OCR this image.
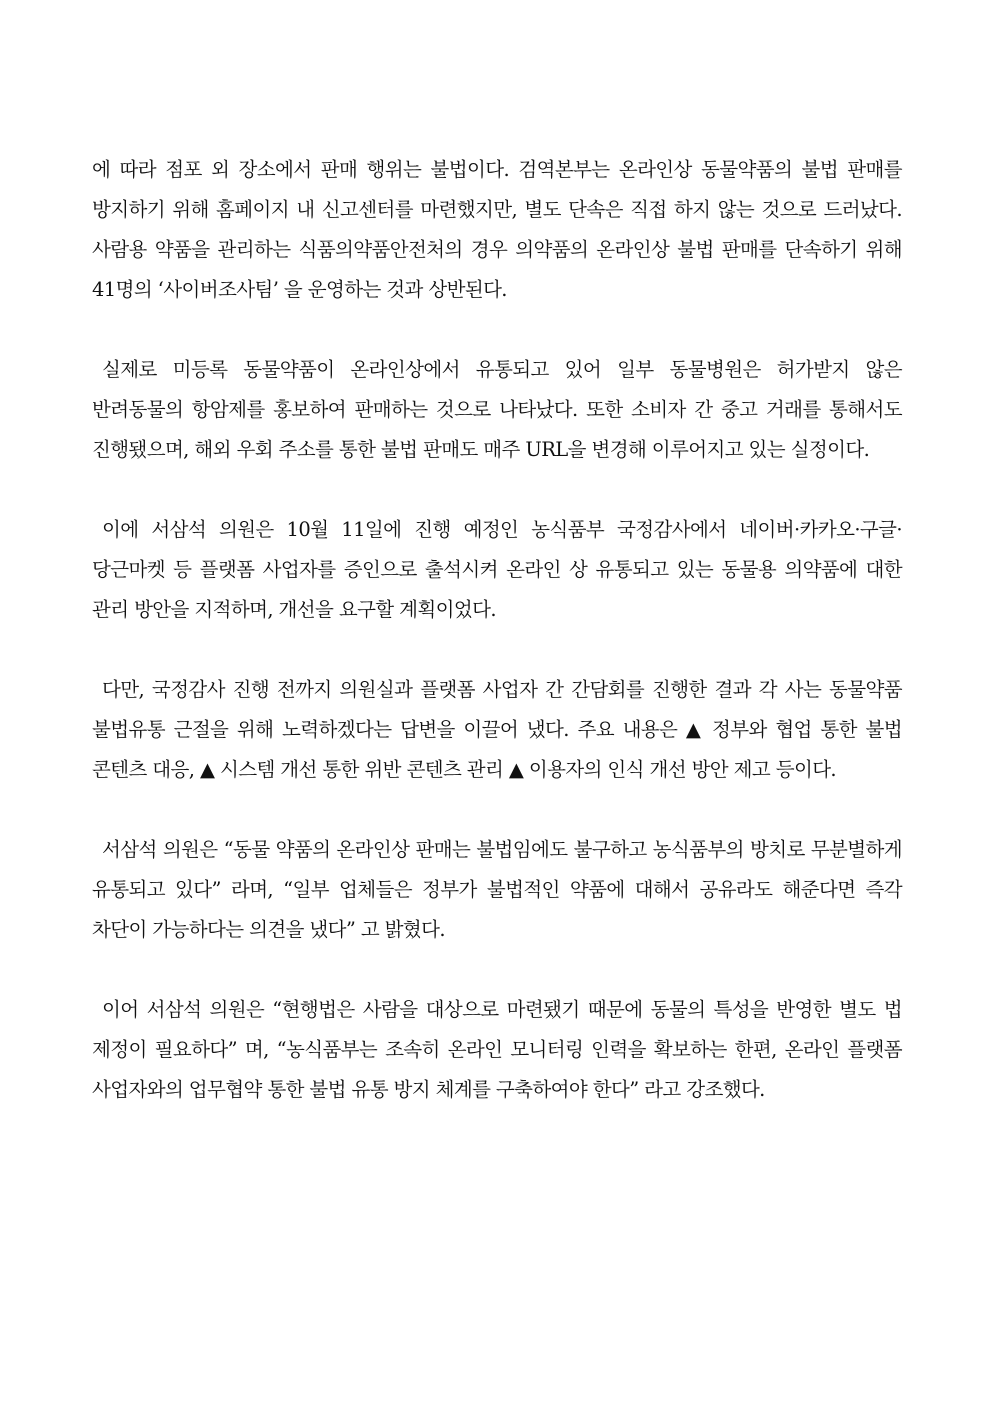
에 따라 점포 외 장소에서 판매 행위는 불법이다. 검역본부는 온라인상 동물약품의 불법 판매를 방지하기 위해 홈페이지 내 신고센터를 마련했지만, 별도 단속은 직접 하지 않는 것으로 드러났다. 사람용 약품을 관리하는 식품의약품안전처의 경우 의약품의 온라인상 불법 판매를 단속하기 위해 41명의 ‘사이버조사팀’ 을 운영하는 것과 상반된다.

실제로 미등록 동물약품이 온라인상에서 유통되고 있어 일부 동물병원은 허가받지 않은 반려동물의 항암제를 홍보하여 판매하는 것으로 나타났다. 또한 소비자 간 중고 거래를 통해서도 진행됐으며, 해외 우회 주소를 통한 불법 판매도 매주 URL을 변경해 이루어지고 있는 실정이다.

이에 서삼석 의원은 10월 11일에 진행 예정인 농식품부 국정감사에서 네이버·카카오·구글·당근마켓 등 플랫폼 사업자를 증인으로 출석시켜 온라인 상 유통되고 있는 동물용 의약품에 대한 관리 방안을 지적하며, 개선을 요구할 계획이었다.

다만, 국정감사 진행 전까지 의원실과 플랫폼 사업자 간 간담회를 진행한 결과 각 사는 동물약품 불법유통 근절을 위해 노력하겠다는 답변을 이끌어 냈다. 주요 내용은 ▲ 정부와 협업 통한 불법 콘텐츠 대응, ▲ 시스템 개선 통한 위반 콘텐츠 관리 ▲ 이용자의 인식 개선 방안 제고 등이다.

서삼석 의원은 “동물 약품의 온라인상 판매는 불법임에도 불구하고 농식품부의 방치로 무분별하게 유통되고 있다” 라며, “일부 업체들은 정부가 불법적인 약품에 대해서 공유라도 해준다면 즉각 차단이 가능하다는 의견을 냈다” 고 밝혔다.

이어 서삼석 의원은 “현행법은 사람을 대상으로 마련됐기 때문에 동물의 특성을 반영한 별도 법 제정이 필요하다” 며, “농식품부는 조속히 온라인 모니터링 인력을 확보하는 한편, 온라인 플랫폼 사업자와의 업무협약 통한 불법 유통 방지 체계를 구축하여야 한다” 라고 강조했다.
